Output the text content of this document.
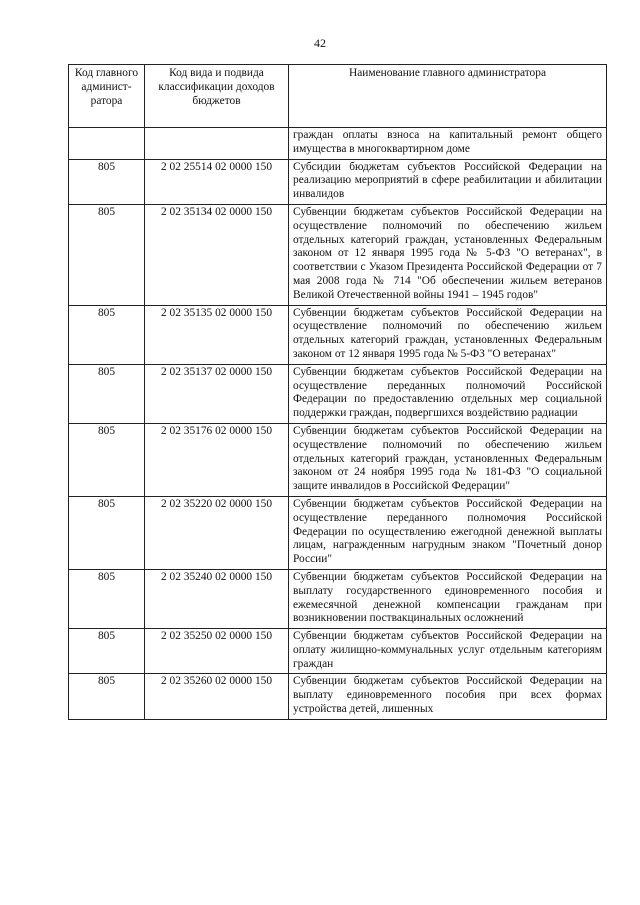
42
Код главного админист-ратора	Код вида и подвида классификации доходов бюджетов	Наименование главного администратора
		граждан оплаты взноса на капитальный ремонт общего имущества в многоквартирном доме
805	2 02 25514 02 0000 150	Субсидии бюджетам субъектов Российской Федерации на реализацию мероприятий в сфере реабилитации и абилитации инвалидов
805	2 02 35134 02 0000 150	Субвенции бюджетам субъектов Российской Федерации на осуществление полномочий по обеспечению жильем отдельных категорий граждан, установленных Федеральным законом от 12 января 1995 года № 5-ФЗ "О ветеранах", в соответствии с Указом Президента Российской Федерации от 7 мая 2008 года № 714 "Об обеспечении жильем ветеранов Великой Отечественной войны 1941 – 1945 годов"
805	2 02 35135 02 0000 150	Субвенции бюджетам субъектов Российской Федерации на осуществление полномочий по обеспечению жильем отдельных категорий граждан, установленных Федеральным законом от 12 января 1995 года № 5-ФЗ "О ветеранах"
805	2 02 35137 02 0000 150	Субвенции бюджетам субъектов Российской Федерации на осуществление переданных полномочий Российской Федерации по предоставлению отдельных мер социальной поддержки граждан, подвергшихся воздействию радиации
805	2 02 35176 02 0000 150	Субвенции бюджетам субъектов Российской Федерации на осуществление полномочий по обеспечению жильем отдельных категорий граждан, установленных Федеральным законом от 24 ноября 1995 года № 181-ФЗ "О социальной защите инвалидов в Российской Федерации"
805	2 02 35220 02 0000 150	Субвенции бюджетам субъектов Российской Федерации на осуществление переданного полномочия Российской Федерации по осуществлению ежегодной денежной выплаты лицам, награжденным нагрудным знаком "Почетный донор России"
805	2 02 35240 02 0000 150	Субвенции бюджетам субъектов Российской Федерации на выплату государственного единовременного пособия и ежемесячной денежной компенсации гражданам при возникновении поствакцинальных осложнений
805	2 02 35250 02 0000 150	Субвенции бюджетам субъектов Российской Федерации на оплату жилищно-коммунальных услуг отдельным категориям граждан
805	2 02 35260 02 0000 150	Субвенции бюджетам субъектов Российской Федерации на выплату единовременного пособия при всех формах устройства детей, лишенных
